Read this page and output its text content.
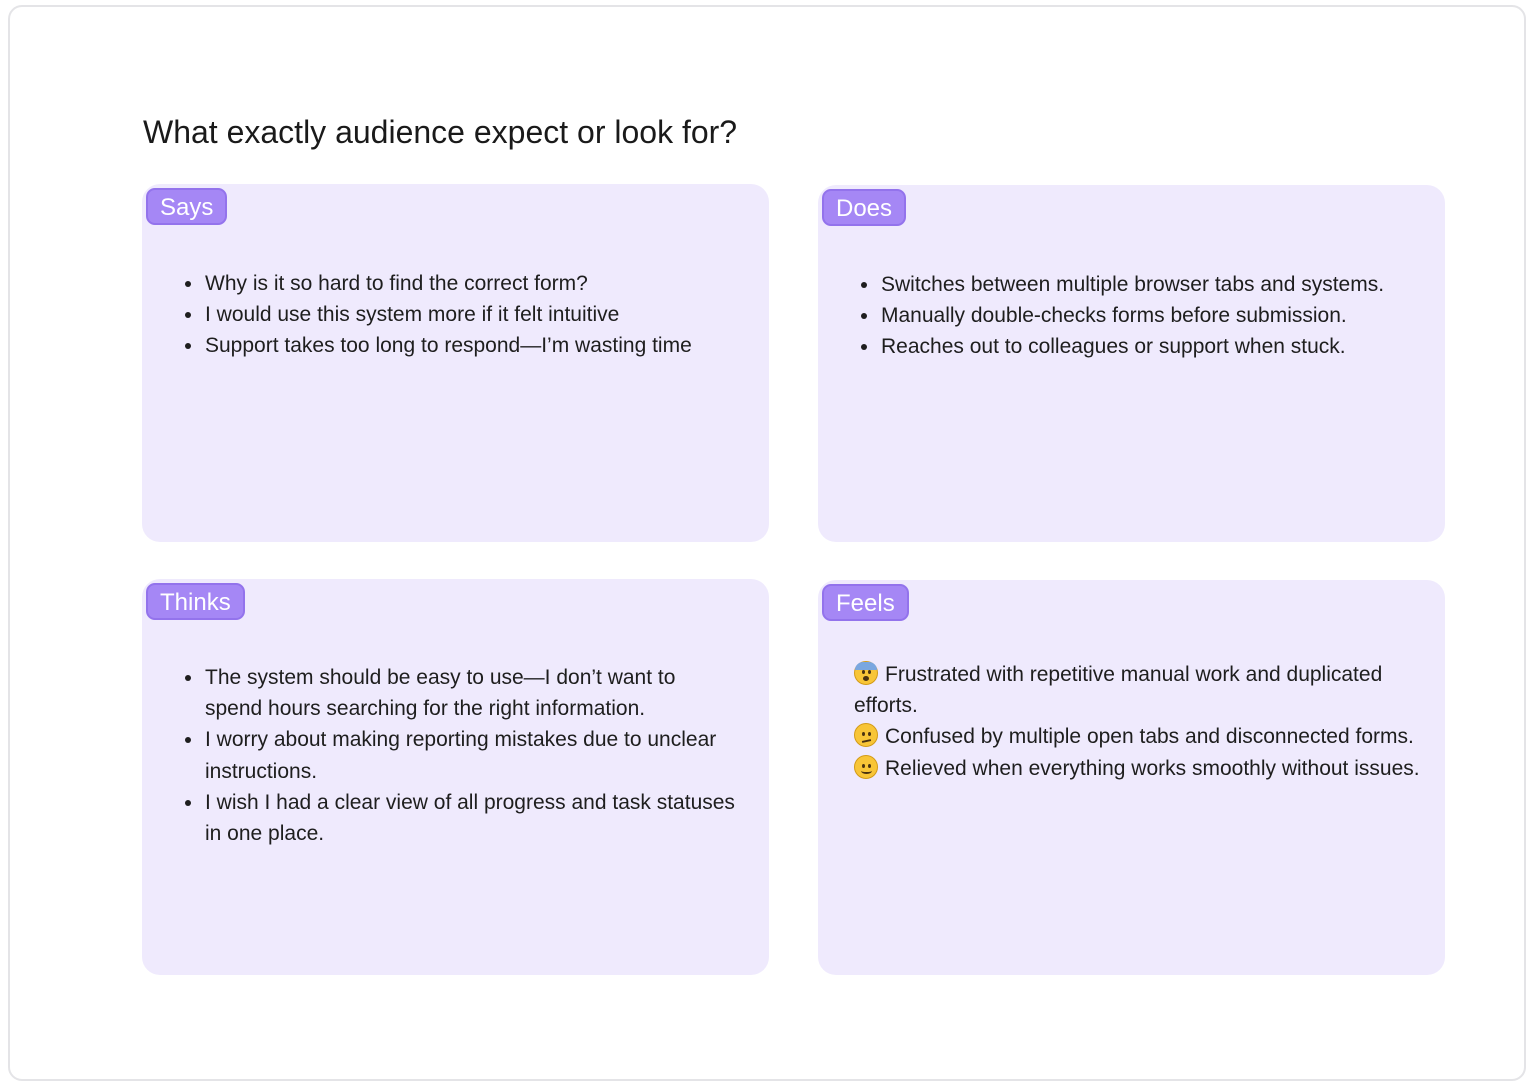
What exactly audience expect or look for?
Says
Why is it so hard to find the correct form?
I would use this system more if it felt intuitive
Support takes too long to respond—I’m wasting time
Does
Switches between multiple browser tabs and systems.
Manually double-checks forms before submission.
Reaches out to colleagues or support when stuck.
Thinks
The system should be easy to use—I don’t want to spend hours searching for the right information.
I worry about making reporting mistakes due to unclear instructions.
I wish I had a clear view of all progress and task statuses in one place.
Feels
Frustrated with repetitive manual work and duplicated efforts.
Confused by multiple open tabs and disconnected forms.
Relieved when everything works smoothly without issues.
